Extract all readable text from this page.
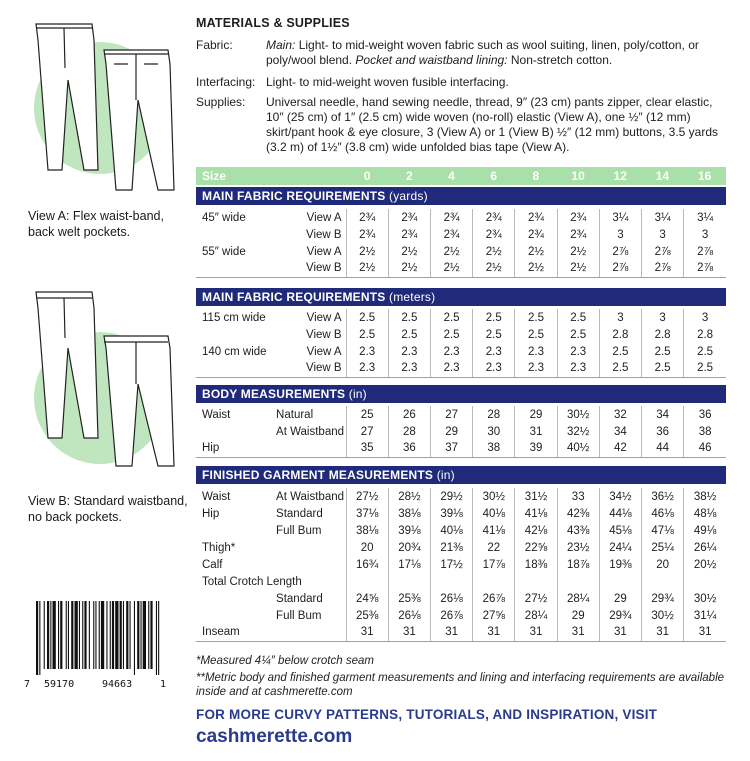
View A: Flex waist-band, back welt pockets.
View B: Standard waistband, no back pockets.
7 59170	94663	1
MATERIALS & SUPPLIES
Fabric:	Main: Light- to mid-weight woven fabric such as wool suiting, linen, poly/cotton, or poly/wool blend. Pocket and waistband lining: Non-stretch cotton.
Interfacing: Light- to mid-weight woven fusible interfacing.
Supplies: Universal needle, hand sewing needle, thread, 9″ (23 cm) pants zipper, clear elastic, 10″ (25 cm) of 1″ (2.5 cm) wide woven (no-roll) elastic (View A), one ½″ (12 mm) skirt/pant hook & eye closure, 3 (View A) or 1 (View B) ½″ (12 mm) buttons, 3.5 yards (3.2 m) of 1½″ (3.8 cm) wide unfolded bias tape (View A).
Size	0	2	4	6	8	10	12	14	16
MAIN FABRIC REQUIREMENTS (yards)
45″ wide	View A	2¾	2¾	2¾	2¾	2¾	2¾	3¼	3¼	3¼
	View B	2¾	2¾	2¾	2¾	2¾	2¾	3	3	3
55″ wide	View A	2½	2½	2½	2½	2½	2½	2⅞	2⅞	2⅞
	View B	2½	2½	2½	2½	2½	2½	2⅞	2⅞	2⅞
MAIN FABRIC REQUIREMENTS (meters)
115 cm wide	View A	2.5	2.5	2.5	2.5	2.5	2.5	3	3	3
	View B	2.5	2.5	2.5	2.5	2.5	2.5	2.8	2.8	2.8
140 cm wide	View A	2.3	2.3	2.3	2.3	2.3	2.3	2.5	2.5	2.5
	View B	2.3	2.3	2.3	2.3	2.3	2.3	2.5	2.5	2.5
BODY MEASUREMENTS (in)
Waist	Natural	25	26	27	28	29	30½	32	34	36
	At Waistband	27	28	29	30	31	32½	34	36	38
Hip		35	36	37	38	39	40½	42	44	46
FINISHED GARMENT MEASUREMENTS (in)
Waist	At Waistband	27½	28½	29½	30½	31½	33	34½	36½	38½
Hip	Standard	37⅛	38⅛	39⅛	40⅛	41⅛	42⅜	44⅛	46⅛	48⅛
	Full Bum	38⅛	39⅛	40⅛	41⅛	42⅛	43⅜	45⅛	47⅛	49⅛
Thigh*		20	20¾	21⅜	22	22⅝	23½	24¼	25¼	26¼
Calf		16¾	17⅛	17½	17⅞	18⅜	18⅞	19⅜	20	20½
Total Crotch Length										
	Standard	24⅝	25⅜	26⅛	26⅞	27½	28¼	29	29¾	30½
	Full Bum	25⅜	26⅛	26⅞	27⅝	28¼	29	29¾	30½	31¼
Inseam		31	31	31	31	31	31	31	31	31
*Measured 4¼″ below crotch seam
**Metric body and finished garment measurements and lining and interfacing requirements are available inside and at cashmerette.com
FOR MORE CURVY PATTERNS, TUTORIALS, AND INSPIRATION, VISIT
cashmerette.com
